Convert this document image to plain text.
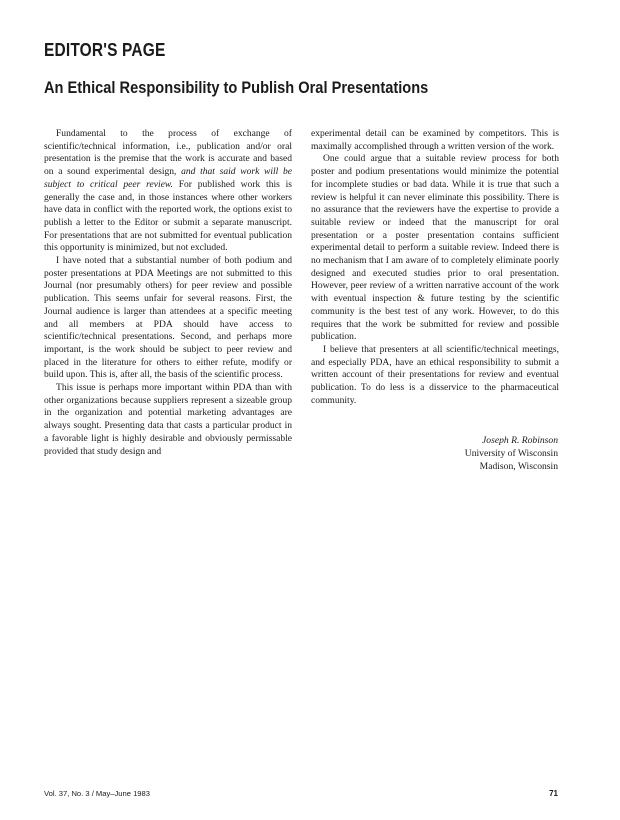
EDITOR'S PAGE
An Ethical Responsibility to Publish Oral Presentations

Fundamental to the process of exchange of scientific/technical information, i.e., publication and/or oral presentation is the premise that the work is accurate and based on a sound experimental design, and that said work will be subject to critical peer review. For published work this is generally the case and, in those instances where other workers have data in conflict with the reported work, the options exist to publish a letter to the Editor or submit a separate manuscript. For presentations that are not submitted for eventual publication this opportunity is minimized, but not excluded.

I have noted that a substantial number of both podium and poster presentations at PDA Meetings are not submitted to this Journal (nor presumably others) for peer review and possible publication. This seems unfair for several reasons. First, the Journal audience is larger than attendees at a specific meeting and all members at PDA should have access to scientific/technical presentations. Second, and perhaps more important, is the work should be subject to peer review and placed in the literature for others to either refute, modify or build upon. This is, after all, the basis of the scientific process.

This issue is perhaps more important within PDA than with other organizations because suppliers represent a sizeable group in the organization and potential marketing advantages are always sought. Presenting data that casts a particular product in a favorable light is highly desirable and obviously permissable provided that study design and

experimental detail can be examined by competitors. This is maximally accomplished through a written version of the work.

One could argue that a suitable review process for both poster and podium presentations would minimize the potential for incomplete studies or bad data. While it is true that such a review is helpful it can never eliminate this possibility. There is no assurance that the reviewers have the expertise to provide a suitable review or indeed that the manuscript for oral presentation or a poster presentation contains sufficient experimental detail to perform a suitable review. Indeed there is no mechanism that I am aware of to completely eliminate poorly designed and executed studies prior to oral presentation. However, peer review of a written narrative account of the work with eventual inspection & future testing by the scientific community is the best test of any work. However, to do this requires that the work be submitted for review and possible publication.

I believe that presenters at all scientific/technical meetings, and especially PDA, have an ethical responsibility to submit a written account of their presentations for review and eventual publication. To do less is a disservice to the pharmaceutical community.

Joseph R. Robinson
University of Wisconsin
Madison, Wisconsin
Vol. 37, No. 3 / May–June 1983	71
